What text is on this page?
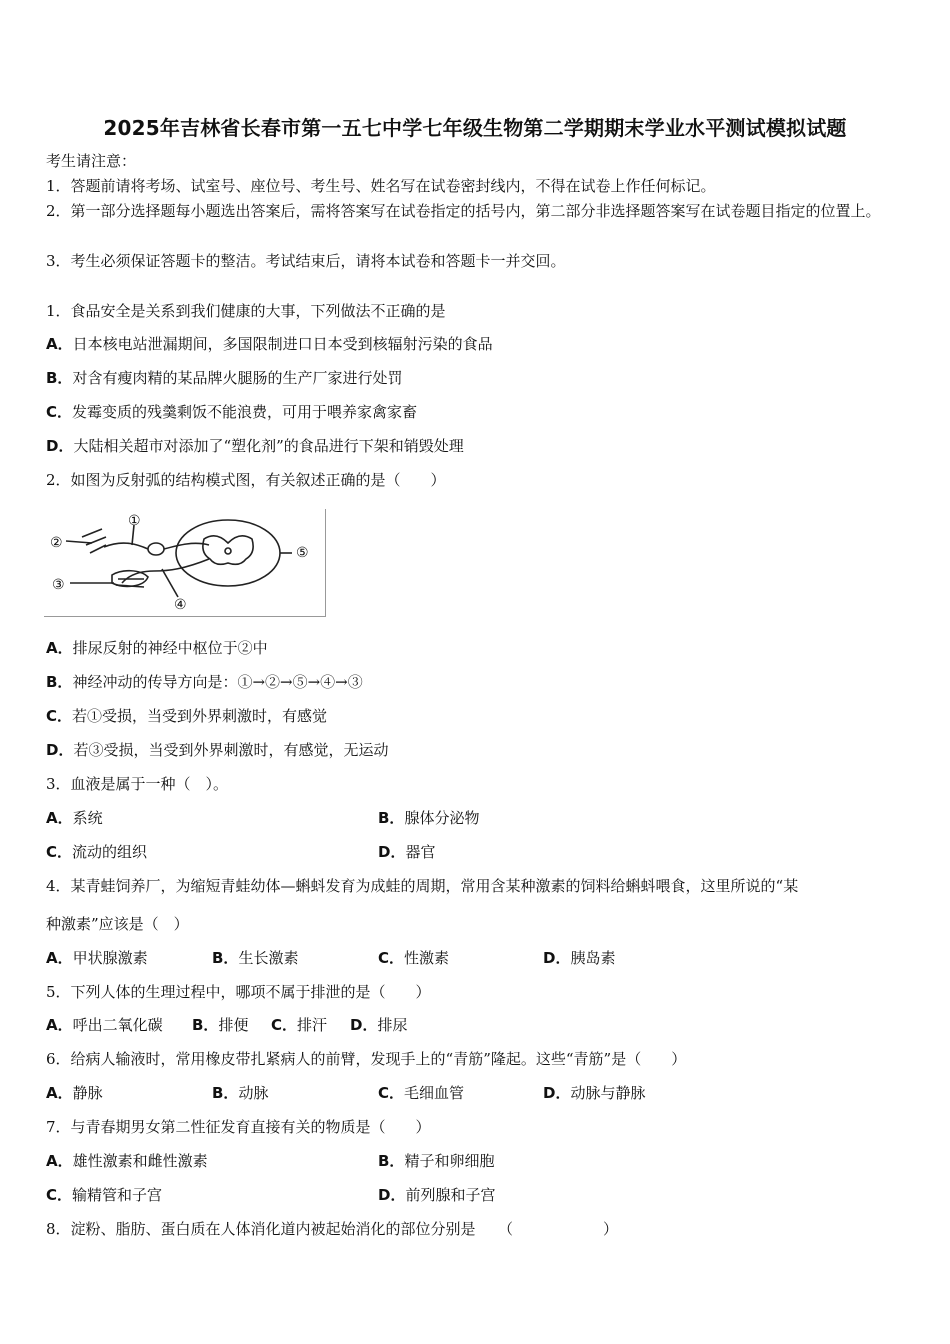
2025年吉林省长春市第一五七中学七年级生物第二学期期末学业水平测试模拟试题
考生请注意：
1．答题前请将考场、试室号、座位号、考生号、姓名写在试卷密封线内，不得在试卷上作任何标记。
2．第一部分选择题每小题选出答案后，需将答案写在试卷指定的括号内，第二部分非选择题答案写在试卷题目指定的位置上。
3．考生必须保证答题卡的整洁。考试结束后，请将本试卷和答题卡一并交回。
1．食品安全是关系到我们健康的大事，下列做法不正确的是
A．日本核电站泄漏期间，多国限制进口日本受到核辐射污染的食品
B．对含有瘦肉精的某品牌火腿肠的生产厂家进行处罚
C．发霉变质的残羹剩饭不能浪费，可用于喂养家禽家畜
D．大陆相关超市对添加了“塑化剂”的食品进行下架和销毁处理
2．如图为反射弧的结构模式图，有关叙述正确的是（　　）
①
②
③
④
⑤
A．排尿反射的神经中枢位于②中
B．神经冲动的传导方向是：①→②→⑤→④→③
C．若①受损，当受到外界刺激时，有感觉
D．若③受损，当受到外界刺激时，有感觉，无运动
3．血液是属于一种（　）。
A．系统	B．腺体分泌物
C．流动的组织	D．器官
4．某青蛙饲养厂，为缩短青蛙幼体—蝌蚪发育为成蛙的周期，常用含某种激素的饲料给蝌蚪喂食，这里所说的“某
种激素”应该是（　）
A．甲状腺激素	B．生长激素	C．性激素	D．胰岛素
5．下列人体的生理过程中，哪项不属于排泄的是（　　）
A．呼出二氧化碳 B．排便 C．排汗 D．排尿
6．给病人输液时，常用橡皮带扎紧病人的前臂，发现手上的“青筋”隆起。这些“青筋”是（　　）
A．静脉	B．动脉	C．毛细血管	D．动脉与静脉
7．与青春期男女第二性征发育直接有关的物质是（　　）
A．雄性激素和雌性激素	B．精子和卵细胞
C．输精管和子宫	D．前列腺和子宫
8．淀粉、脂肪、蛋白质在人体消化道内被起始消化的部位分别是　　（　　　　　　）
